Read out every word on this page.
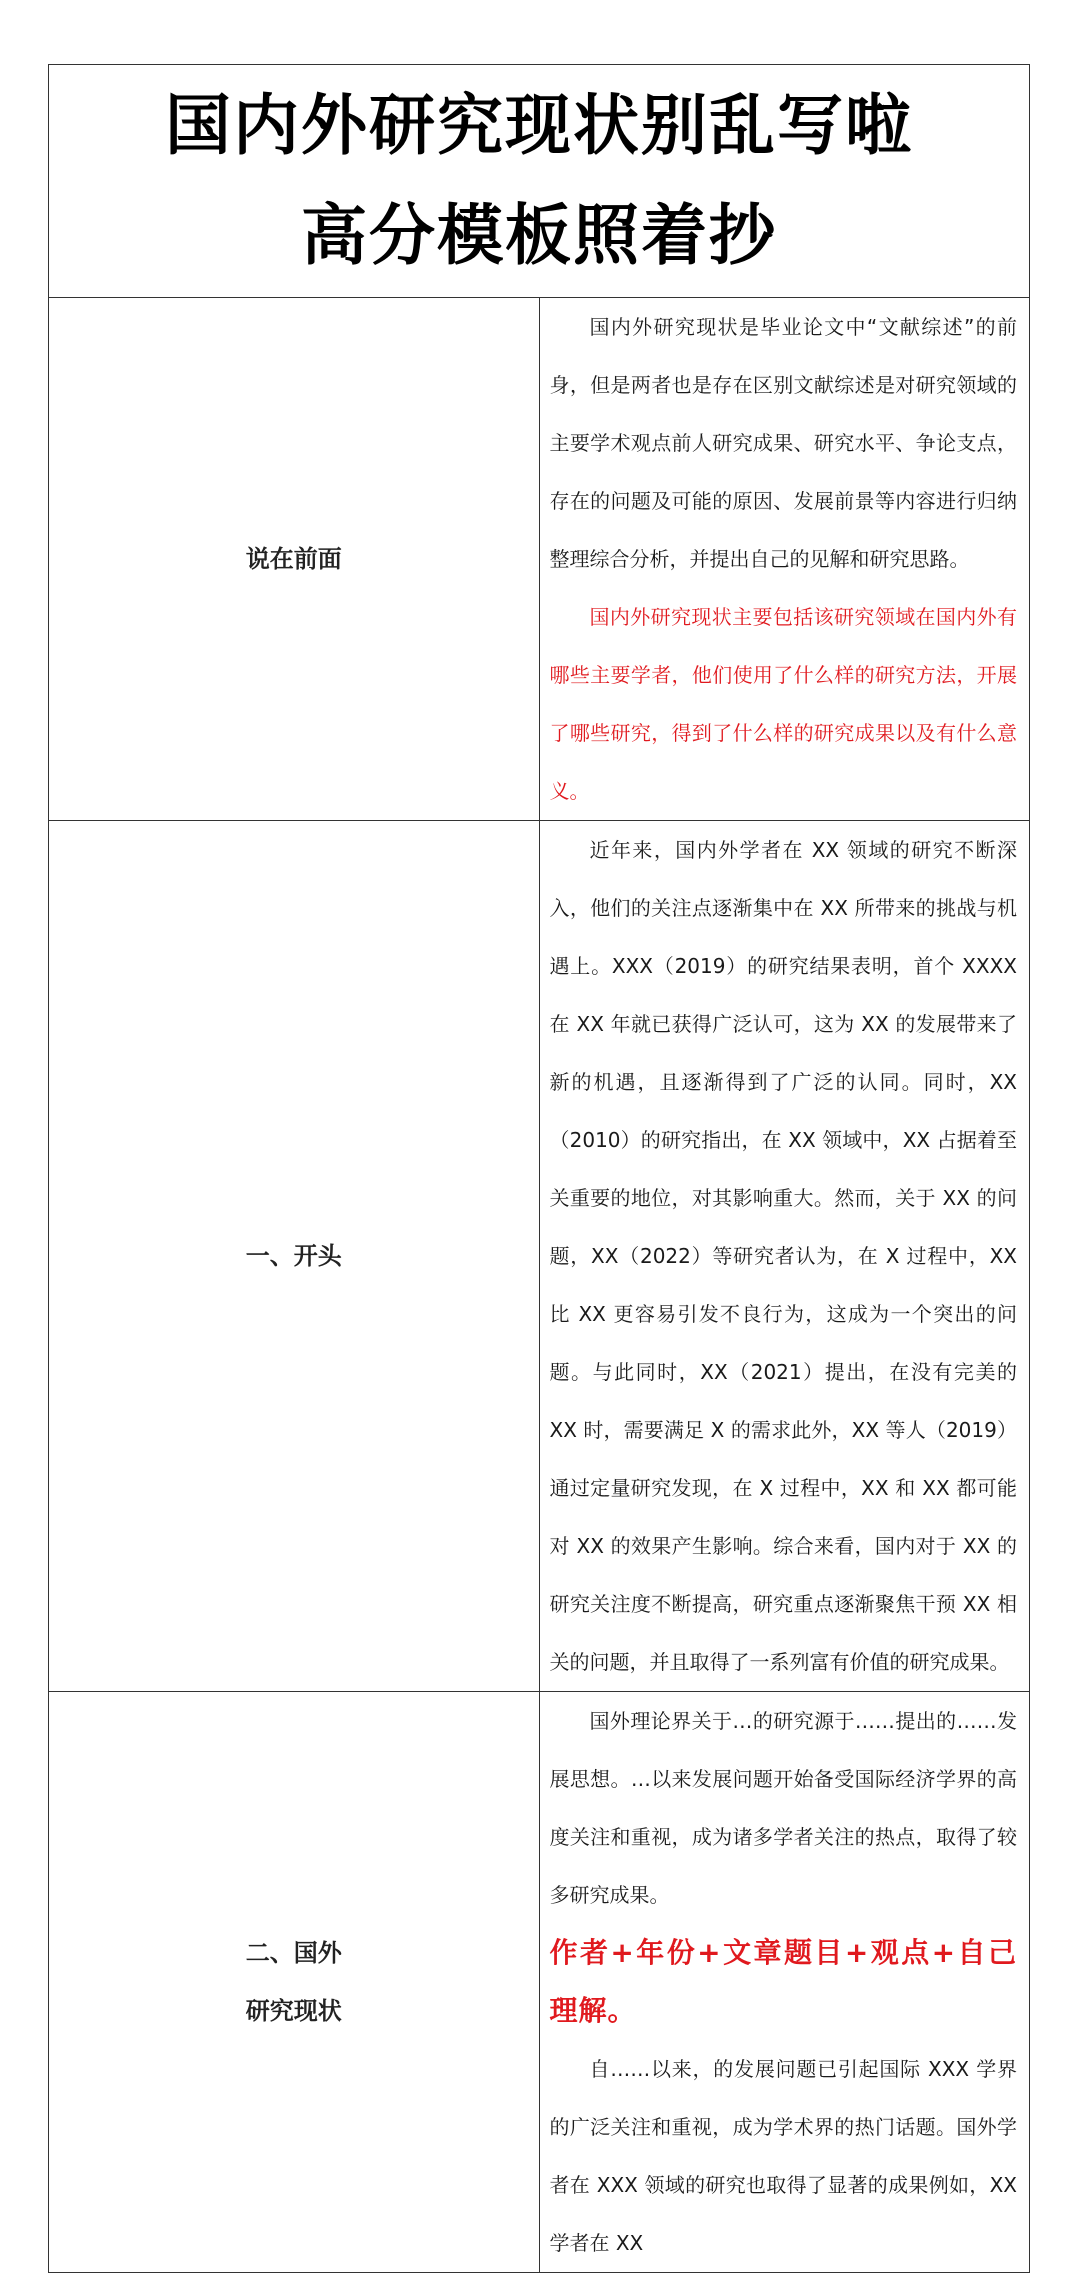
国内外研究现状别乱写啦
高分模板照着抄	

说在前面	国内外研究现状是毕业论文中“文献综述”的前身，但是两者也是存在区别文献综述是对研究领域的主要学术观点前人研究成果、研究水平、争论支点，存在的问题及可能的原因、发展前景等内容进行归纳整理综合分析，并提出自己的见解和研究思路。

国内外研究现状主要包括该研究领域在国内外有哪些主要学者，他们使用了什么样的研究方法，开展了哪些研究，得到了什么样的研究成果以及有什么意义。

一、开头	近年来，国内外学者在 XX 领域的研究不断深入，他们的关注点逐渐集中在 XX 所带来的挑战与机遇上。XXX（2019）的研究结果表明，首个 XXXX 在 XX 年就已获得广泛认可，这为 XX 的发展带来了新的机遇，且逐渐得到了广泛的认同。同时，XX（2010）的研究指出，在 XX 领域中，XX 占据着至关重要的地位，对其影响重大。然而，关于 XX 的问题，XX（2022）等研究者认为，在 X 过程中，XX 比 XX 更容易引发不良行为，这成为一个突出的问题。与此同时，XX（2021）提出，在没有完美的 XX 时，需要满足 X 的需求此外，XX 等人（2019）通过定量研究发现，在 X 过程中，XX 和 XX 都可能对 XX 的效果产生影响。综合来看，国内对于 XX 的研究关注度不断提高，研究重点逐渐聚焦干预 XX 相关的问题，并且取得了一系列富有价值的研究成果。

二、国外研究现状	国外理论界关于…的研究源于……提出的……发展思想。…以来发展问题开始备受国际经济学界的高度关注和重视，成为诸多学者关注的热点，取得了较多研究成果。

作者+年份+文章题目+观点+自己理解。

自……以来，的发展问题已引起国际 XXX 学界的广泛关注和重视，成为学术界的热门话题。国外学者在 XXX 领域的研究也取得了显著的成果例如，XX 学者在 XX
